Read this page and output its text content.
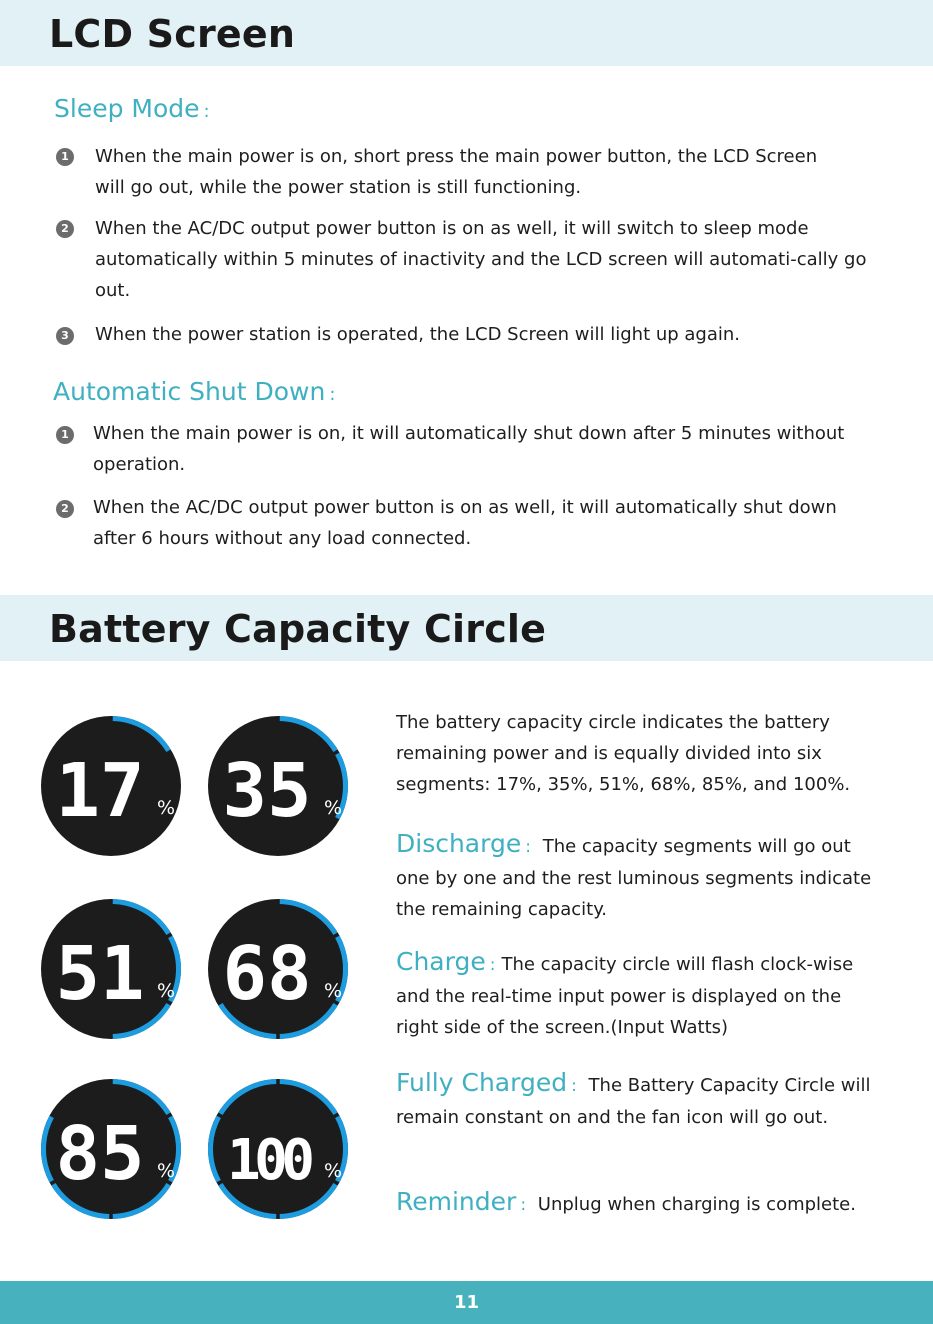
LCD Screen
Sleep Mode :
1 When the main power is on, short press the main power button, the LCD Screen will go out, while the power station is still functioning.
2 When the AC/DC output power button is on as well, it will switch to sleep mode automatically within 5 minutes of inactivity and the LCD screen will automati-cally go out.
3 When the power station is operated, the LCD Screen will light up again.
Automatic Shut Down :
1 When the main power is on, it will automatically shut down after 5 minutes without operation.
2 When the AC/DC output power button is on as well, it will automatically shut down after 6 hours without any load connected.
Battery Capacity Circle
17 % 35 %
51 % 68 %
85 % 100 %
The battery capacity circle indicates the battery remaining power and is equally divided into six segments: 17%, 35%, 51%, 68%, 85%, and 100%.
Discharge : The capacity segments will go out one by one and the rest luminous segments indicate the remaining capacity.
Charge : The capacity circle will flash clock-wise and the real-time input power is displayed on the right side of the screen.(Input Watts)
Fully Charged : The Battery Capacity Circle will remain constant on and the fan icon will go out.
Reminder : Unplug when charging is complete.
11
